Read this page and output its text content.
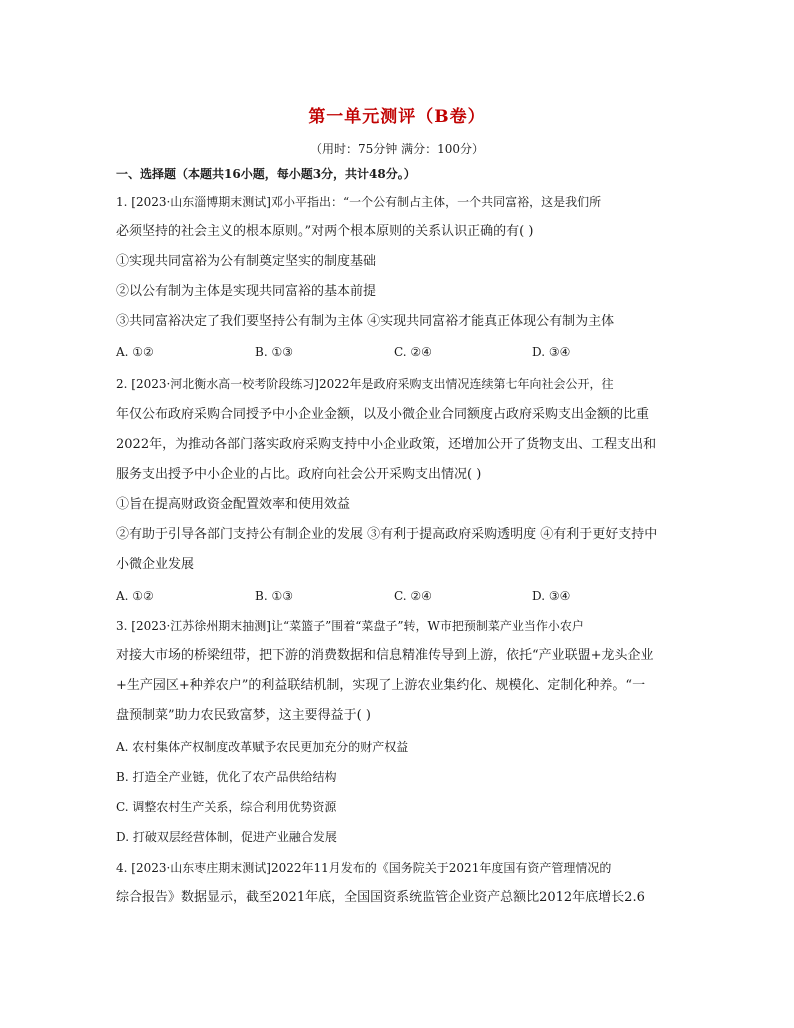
第一单元测评（B卷）
（用时：75分钟 满分：100分）
一、选择题（本题共16小题，每小题3分，共计48分。）
1. [2023·山东淄博期末测试]邓小平指出：“一个公有制占主体，一个共同富裕，这是我们所
必须坚持的社会主义的根本原则。”对两个根本原则的关系认识正确的有( )
①实现共同富裕为公有制奠定坚实的制度基础
②以公有制为主体是实现共同富裕的基本前提
③共同富裕决定了我们要坚持公有制为主体 ④实现共同富裕才能真正体现公有制为主体
A. ①②	B. ①③	C. ②④	D. ③④
2. [2023·河北衡水高一校考阶段练习]2022年是政府采购支出情况连续第七年向社会公开，往
年仅公布政府采购合同授予中小企业金额，以及小微企业合同额度占政府采购支出金额的比重
2022年，为推动各部门落实政府采购支持中小企业政策，还增加公开了货物支出、工程支出和
服务支出授予中小企业的占比。政府向社会公开采购支出情况( )
①旨在提高财政资金配置效率和使用效益
②有助于引导各部门支持公有制企业的发展 ③有利于提高政府采购透明度 ④有利于更好支持中
小微企业发展
A. ①②	B. ①③	C. ②④	D. ③④
3. [2023·江苏徐州期末抽测]让“菜篮子”围着“菜盘子”转，W市把预制菜产业当作小农户
对接大市场的桥梁纽带，把下游的消费数据和信息精准传导到上游，依托“产业联盟+龙头企业
+生产园区+种养农户”的利益联结机制，实现了上游农业集约化、规模化、定制化种养。“一
盘预制菜”助力农民致富梦，这主要得益于( )
A. 农村集体产权制度改革赋予农民更加充分的财产权益
B. 打造全产业链，优化了农产品供给结构
C. 调整农村生产关系，综合利用优势资源
D. 打破双层经营体制，促进产业融合发展
4. [2023·山东枣庄期末测试]2022年11月发布的《国务院关于2021年度国有资产管理情况的
综合报告》数据显示，截至2021年底，全国国资系统监管企业资产总额比2012年底增长2.6
